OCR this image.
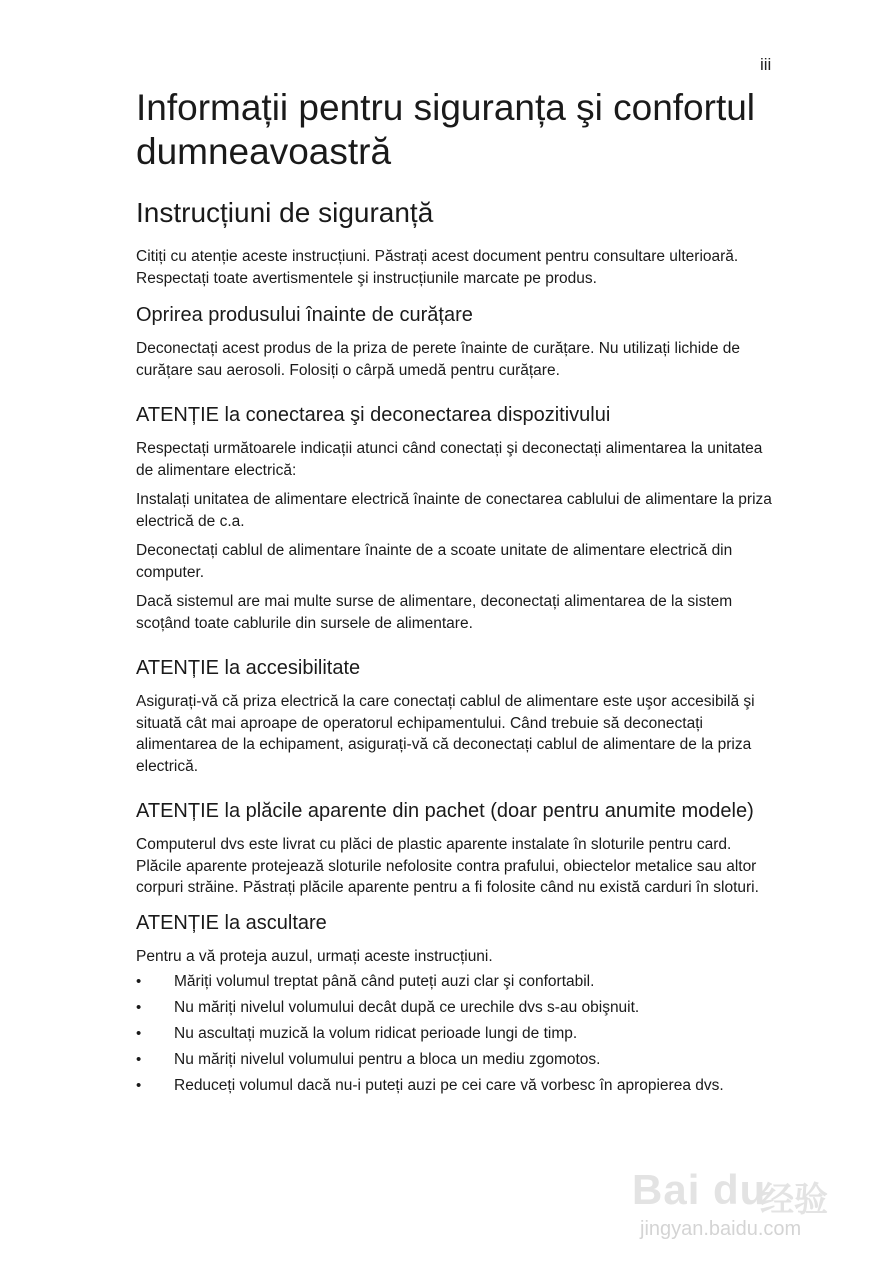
iii
Informații pentru siguranța şi confortul dumneavoastră
Instrucțiuni de siguranță

Citiți cu atenție aceste instrucțiuni. Păstrați acest document pentru consultare ulterioară. Respectați toate avertismentele şi instrucțiunile marcate pe produs.

Oprirea produsului înainte de curățare

Deconectați acest produs de la priza de perete înainte de curățare. Nu utilizați lichide de curățare sau aerosoli. Folosiți o cârpă umedă pentru curățare.

ATENȚIE la conectarea şi deconectarea dispozitivului

Respectați următoarele indicații atunci când conectați şi deconectați alimentarea la unitatea de alimentare electrică:

Instalați unitatea de alimentare electrică înainte de conectarea cablului de alimentare la priza electrică de c.a.

Deconectați cablul de alimentare înainte de a scoate unitate de alimentare electrică din computer.

Dacă sistemul are mai multe surse de alimentare, deconectați alimentarea de la sistem scoțând toate cablurile din sursele de alimentare.

ATENȚIE la accesibilitate

Asigurați-vă că priza electrică la care conectați cablul de alimentare este uşor accesibilă şi situată cât mai aproape de operatorul echipamentului. Când trebuie să deconectați alimentarea de la echipament, asigurați-vă că deconectați cablul de alimentare de la priza electrică.

ATENȚIE la plăcile aparente din pachet (doar pentru anumite modele)

Computerul dvs este livrat cu plăci de plastic aparente instalate în sloturile pentru card. Plăcile aparente protejează sloturile nefolosite contra prafului, obiectelor metalice sau altor corpuri străine. Păstrați plăcile aparente pentru a fi folosite când nu există carduri în sloturi.

ATENȚIE la ascultare

Pentru a vă proteja auzul, urmați aceste instrucțiuni.

• Măriți volumul treptat până când puteți auzi clar şi confortabil.
• Nu măriți nivelul volumului decât după ce urechile dvs s-au obişnuit.
• Nu ascultați muzică la volum ridicat perioade lungi de timp.
• Nu măriți nivelul volumului pentru a bloca un mediu zgomotos.
• Reduceți volumul dacă nu-i puteți auzi pe cei care vă vorbesc în apropierea dvs.
Bai du
经验
jingyan.baidu.com
